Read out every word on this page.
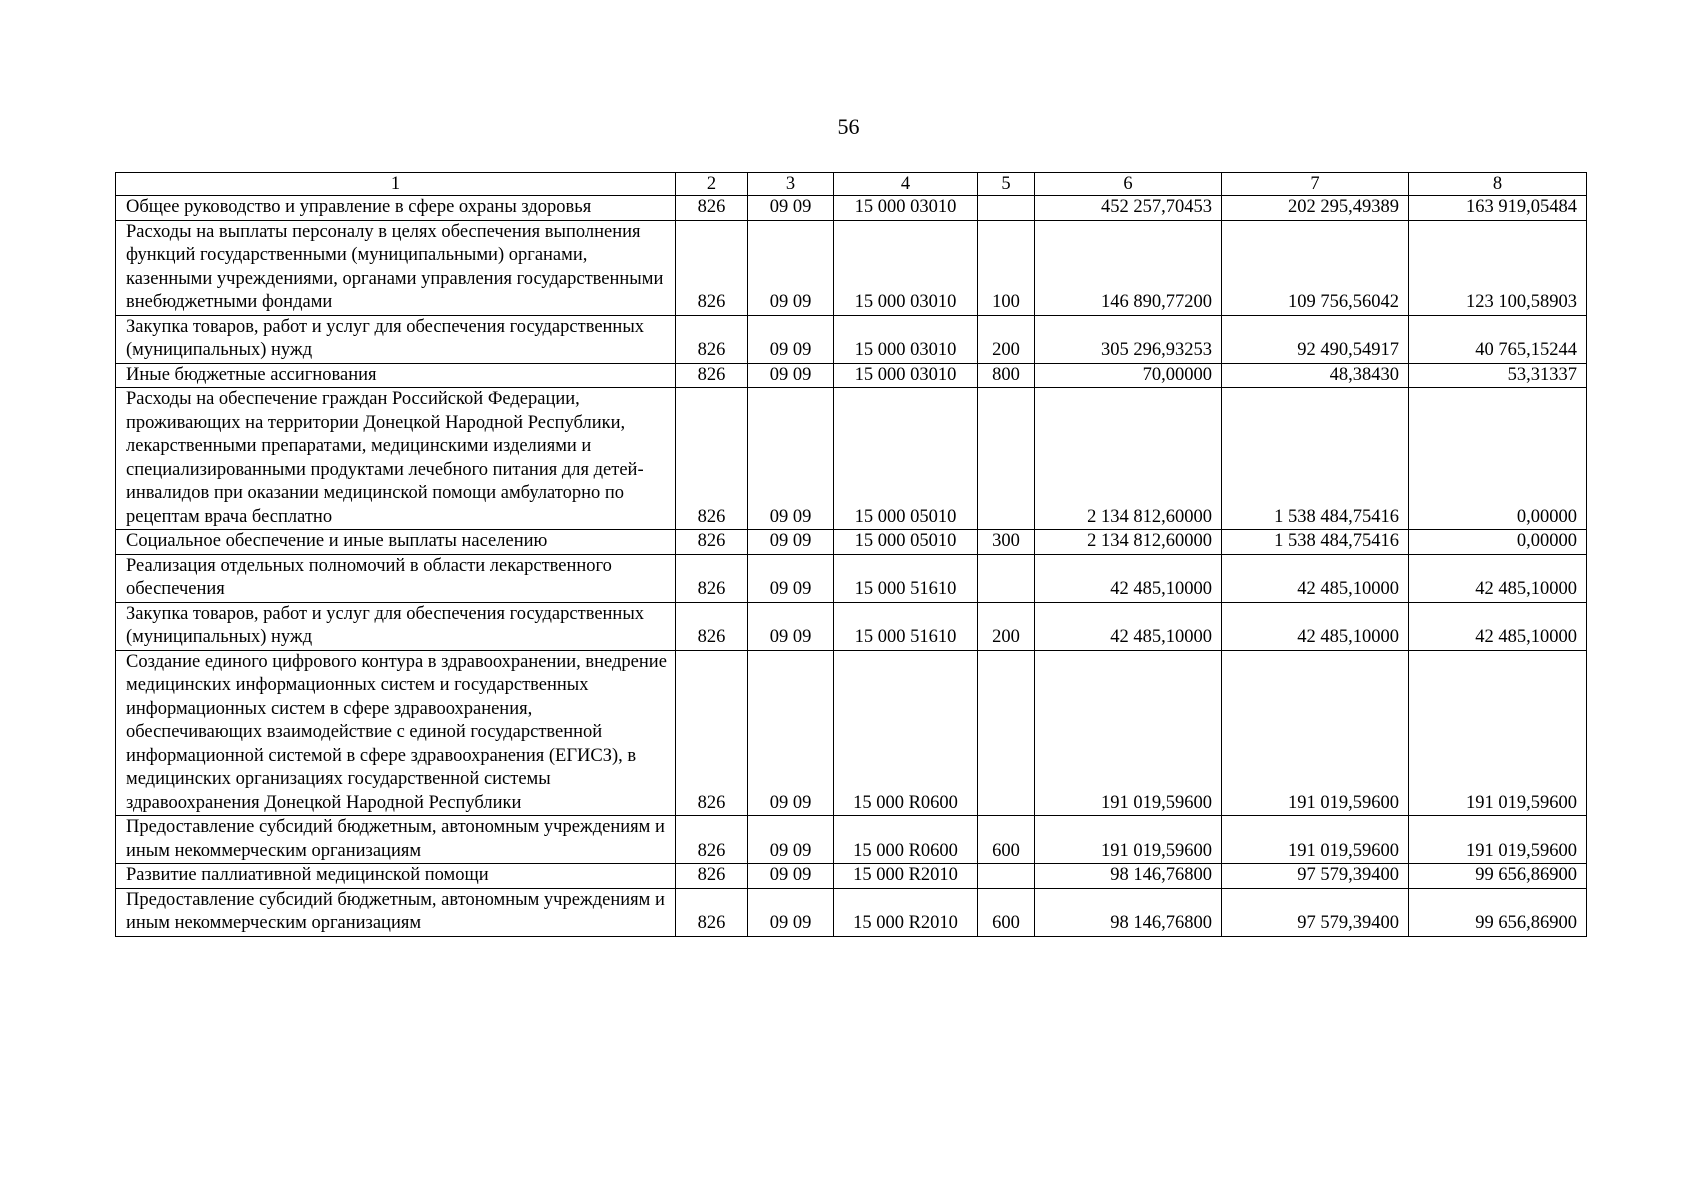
56
1	2	3	4	5	6	7	8
Общее руководство и управление в сфере охраны здоровья	826	09 09	15 000 03010		452 257,70453	202 295,49389	163 919,05484
Расходы на выплаты персоналу в целях обеспечения выполнения функций государственными (муниципальными) органами, казенными учреждениями, органами управления государственными внебюджетными фондами	826	09 09	15 000 03010	100	146 890,77200	109 756,56042	123 100,58903
Закупка товаров, работ и услуг для обеспечения государственных (муниципальных) нужд	826	09 09	15 000 03010	200	305 296,93253	92 490,54917	40 765,15244
Иные бюджетные ассигнования	826	09 09	15 000 03010	800	70,00000	48,38430	53,31337
Расходы на обеспечение граждан Российской Федерации, проживающих на территории Донецкой Народной Республики, лекарственными препаратами, медицинскими изделиями и специализированными продуктами лечебного питания для детей-инвалидов при оказании медицинской помощи амбулаторно по рецептам врача бесплатно	826	09 09	15 000 05010		2 134 812,60000	1 538 484,75416	0,00000
Социальное обеспечение и иные выплаты населению	826	09 09	15 000 05010	300	2 134 812,60000	1 538 484,75416	0,00000
Реализация отдельных полномочий в области лекарственного обеспечения	826	09 09	15 000 51610		42 485,10000	42 485,10000	42 485,10000
Закупка товаров, работ и услуг для обеспечения государственных (муниципальных) нужд	826	09 09	15 000 51610	200	42 485,10000	42 485,10000	42 485,10000
Создание единого цифрового контура в здравоохранении, внедрение медицинских информационных систем и государственных информационных систем в сфере здравоохранения, обеспечивающих взаимодействие с единой государственной информационной системой в сфере здравоохранения (ЕГИСЗ), в медицинских организациях государственной системы здравоохранения Донецкой Народной Республики	826	09 09	15 000 R0600		191 019,59600	191 019,59600	191 019,59600
Предоставление субсидий бюджетным, автономным учреждениям и иным некоммерческим организациям	826	09 09	15 000 R0600	600	191 019,59600	191 019,59600	191 019,59600
Развитие паллиативной медицинской помощи	826	09 09	15 000 R2010		98 146,76800	97 579,39400	99 656,86900
Предоставление субсидий бюджетным, автономным учреждениям и иным некоммерческим организациям	826	09 09	15 000 R2010	600	98 146,76800	97 579,39400	99 656,86900
